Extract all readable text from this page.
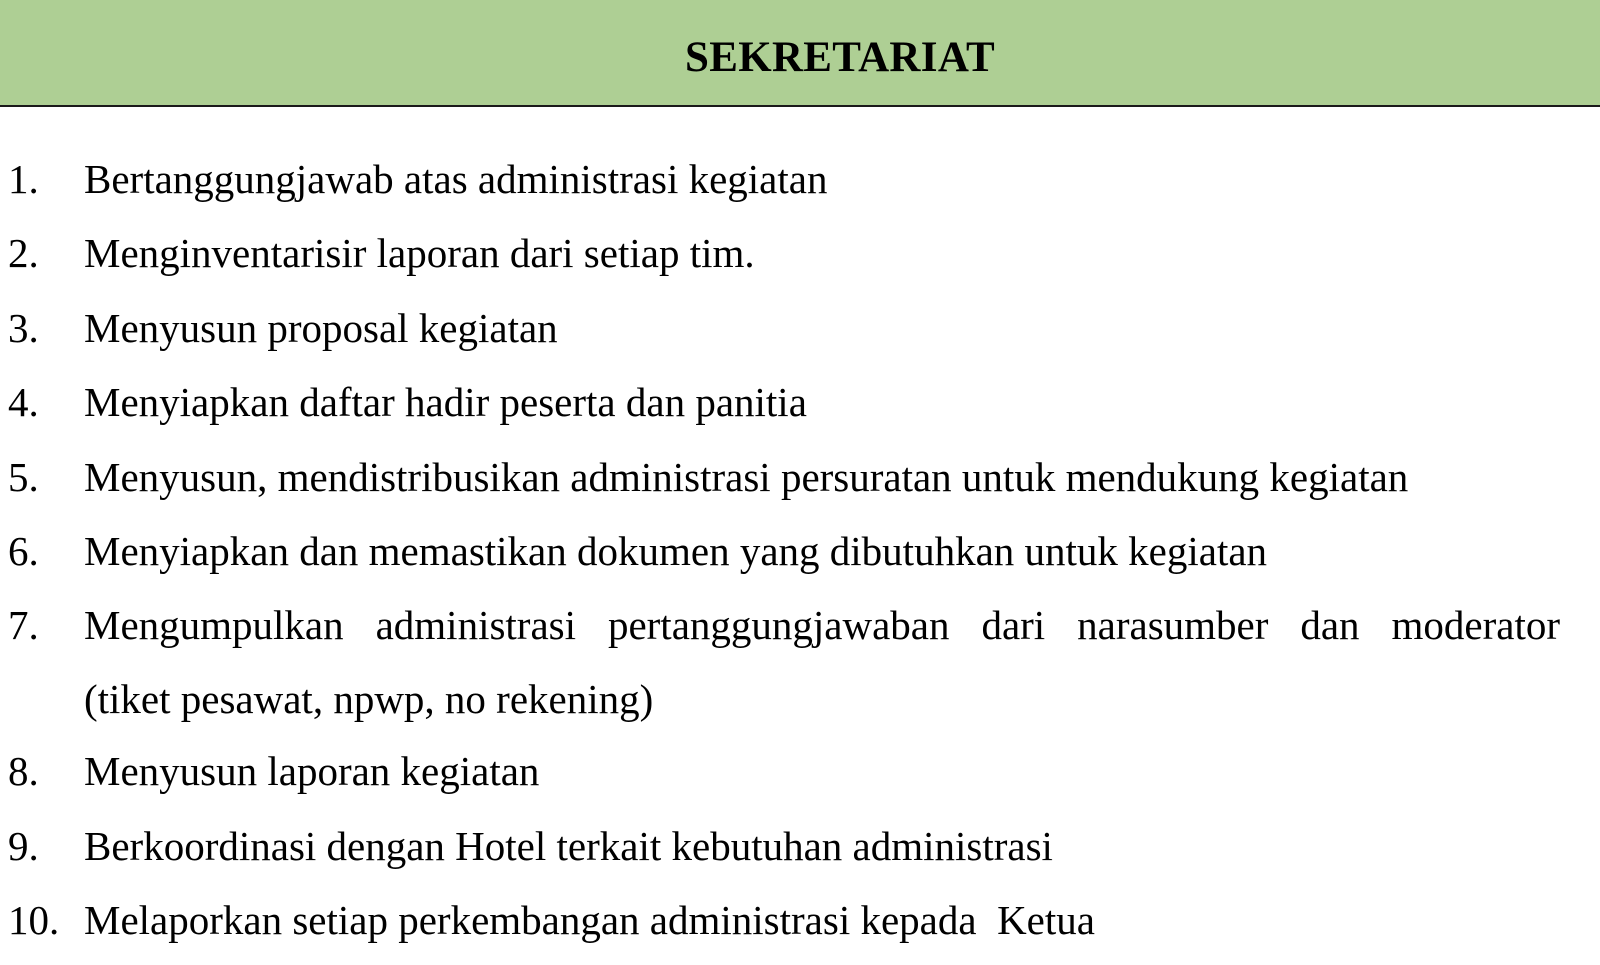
SEKRETARIAT
1. Bertanggungjawab atas administrasi kegiatan
2. Menginventarisir laporan dari setiap tim.
3. Menyusun proposal kegiatan
4. Menyiapkan daftar hadir peserta dan panitia
5. Menyusun, mendistribusikan administrasi persuratan untuk mendukung kegiatan
6. Menyiapkan dan memastikan dokumen yang dibutuhkan untuk kegiatan
7. Mengumpulkan administrasi pertanggungjawaban dari narasumber dan moderator
(tiket pesawat, npwp, no rekening)
8. Menyusun laporan kegiatan
9. Berkoordinasi dengan Hotel terkait kebutuhan administrasi
10. Melaporkan setiap perkembangan administrasi kepada  Ketua
